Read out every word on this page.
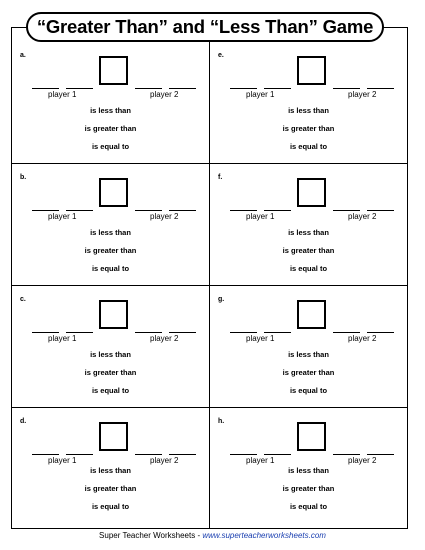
“Greater Than” and “Less Than” Game
a.
player 1	player 2
is less than
is greater than
is equal to
b.
player 1	player 2
is less than
is greater than
is equal to
c.
player 1	player 2
is less than
is greater than
is equal to
d.
player 1	player 2
is less than
is greater than
is equal to
e.
player 1	player 2
is less than
is greater than
is equal to
f.
player 1	player 2
is less than
is greater than
is equal to
g.
player 1	player 2
is less than
is greater than
is equal to
h.
player 1	player 2
is less than
is greater than
is equal to
Super Teacher Worksheets - www.superteacherworksheets.com
